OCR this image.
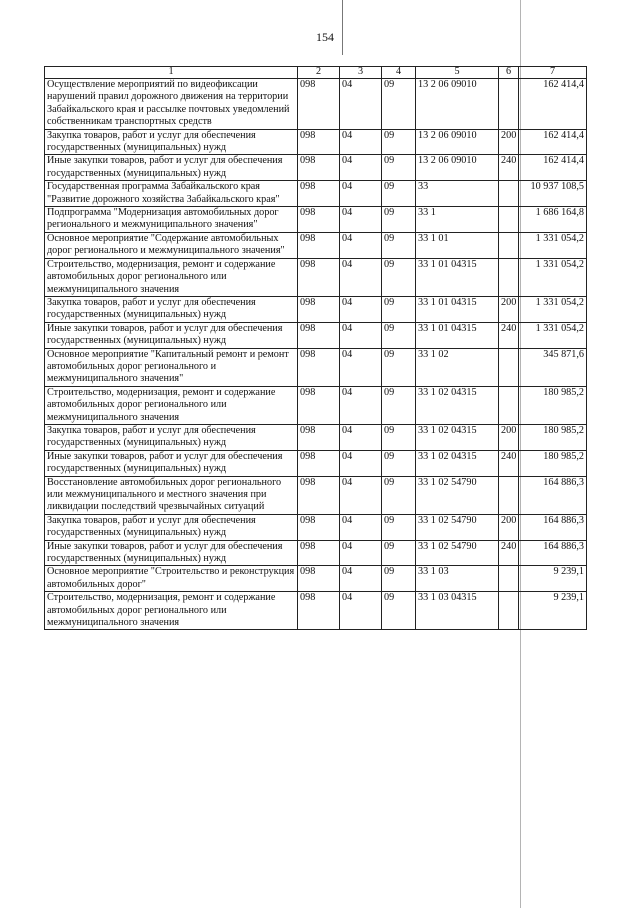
154
1	2	3	4	5	6	7
Осуществление мероприятий по видеофиксации нарушений правил дорожного движения на территории Забайкальского края и рассылке почтовых уведомлений собственникам транспортных средств	098	04	09	13 2 06 09010		162 414,4
Закупка товаров, работ и услуг для обеспечения государственных (муниципальных) нужд	098	04	09	13 2 06 09010	200	162 414,4
Иные закупки товаров, работ и услуг для обеспечения государственных (муниципальных) нужд	098	04	09	13 2 06 09010	240	162 414,4
Государственная программа Забайкальского края "Развитие дорожного хозяйства Забайкальского края"	098	04	09	33		10 937 108,5
Подпрограмма "Модернизация автомобильных дорог регионального и межмуниципального значения"	098	04	09	33 1		1 686 164,8
Основное мероприятие "Содержание автомобильных дорог регионального и межмуниципального значения"	098	04	09	33 1 01		1 331 054,2
Строительство, модернизация, ремонт и содержание автомобильных дорог регионального или межмуниципального значения	098	04	09	33 1 01 04315		1 331 054,2
Закупка товаров, работ и услуг для обеспечения государственных (муниципальных) нужд	098	04	09	33 1 01 04315	200	1 331 054,2
Иные закупки товаров, работ и услуг для обеспечения государственных (муниципальных) нужд	098	04	09	33 1 01 04315	240	1 331 054,2
Основное мероприятие "Капитальный ремонт и ремонт автомобильных дорог регионального и межмуниципального значения"	098	04	09	33 1 02		345 871,6
Строительство, модернизация, ремонт и содержание автомобильных дорог регионального или межмуниципального значения	098	04	09	33 1 02 04315		180 985,2
Закупка товаров, работ и услуг для обеспечения государственных (муниципальных) нужд	098	04	09	33 1 02 04315	200	180 985,2
Иные закупки товаров, работ и услуг для обеспечения государственных (муниципальных) нужд	098	04	09	33 1 02 04315	240	180 985,2
Восстановление автомобильных дорог регионального или межмуниципального и местного значения при ликвидации последствий чрезвычайных ситуаций	098	04	09	33 1 02 54790		164 886,3
Закупка товаров, работ и услуг для обеспечения государственных (муниципальных) нужд	098	04	09	33 1 02 54790	200	164 886,3
Иные закупки товаров, работ и услуг для обеспечения государственных (муниципальных) нужд	098	04	09	33 1 02 54790	240	164 886,3
Основное мероприятие "Строительство и реконструкция автомобильных дорог"	098	04	09	33 1 03		9 239,1
Строительство, модернизация, ремонт и содержание автомобильных дорог регионального или межмуниципального значения	098	04	09	33 1 03 04315		9 239,1
